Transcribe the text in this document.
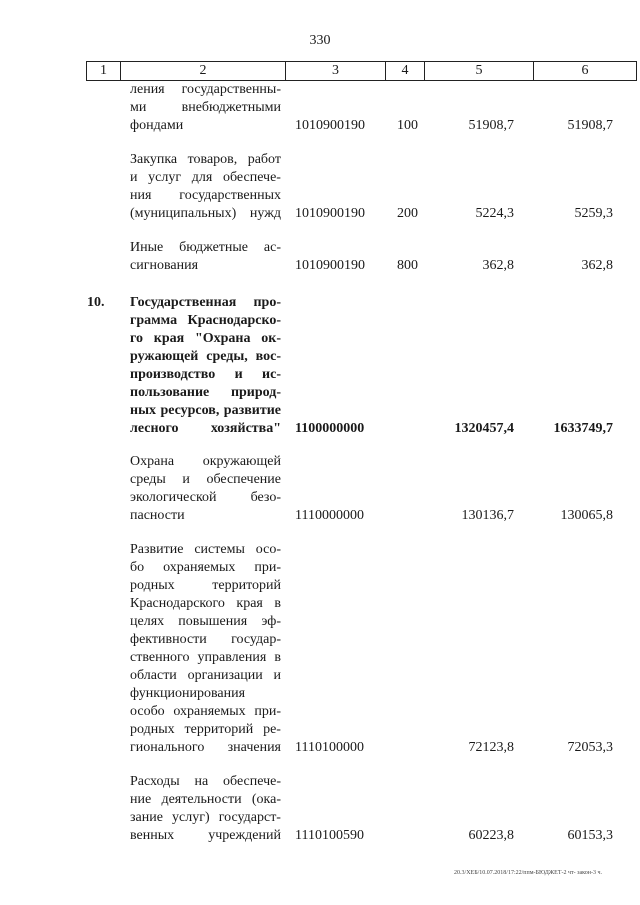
330
1	2	3	4	5	6
ления государственны-
ми	внебюджетными
фондами	1010900190 100	51908,7	51908,7
Закупка товаров, работ
и услуг для обеспече-
ния государственных
(муниципальных) нужд 1010900190 200	5224,3	5259,3
Иные бюджетные ас-
сигнования	1010900190 800	362,8	362,8
10. Государственная про-
грамма Краснодарско-
го края "Охрана ок-
ружающей среды, вос-
производство и ис-
пользование природ-
ных ресурсов, развитие
лесного хозяйства" 1100000000	1320457,4	1633749,7
Охрана окружающей
среды и обеспечение
экологической безо-
пасности	1110000000	130136,7	130065,8
Развитие системы осо-
бо охраняемых при-
родных	территорий
Краснодарского края в
целях повышения эф-
фективности государ-
ственного управления в
области организации и
функционирования
особо охраняемых при-
родных территорий ре-
гионального значения 1110100000	72123,8	72053,3
Расходы на обеспече-
ние деятельности (ока-
зание услуг) государст-
венных учреждений 1110100590	60223,8	60153,3
20.3/ХЕБ/10.07.2018/17:22/ппм-БЮДЖЕТ-2 чт- закон-3 ч.
